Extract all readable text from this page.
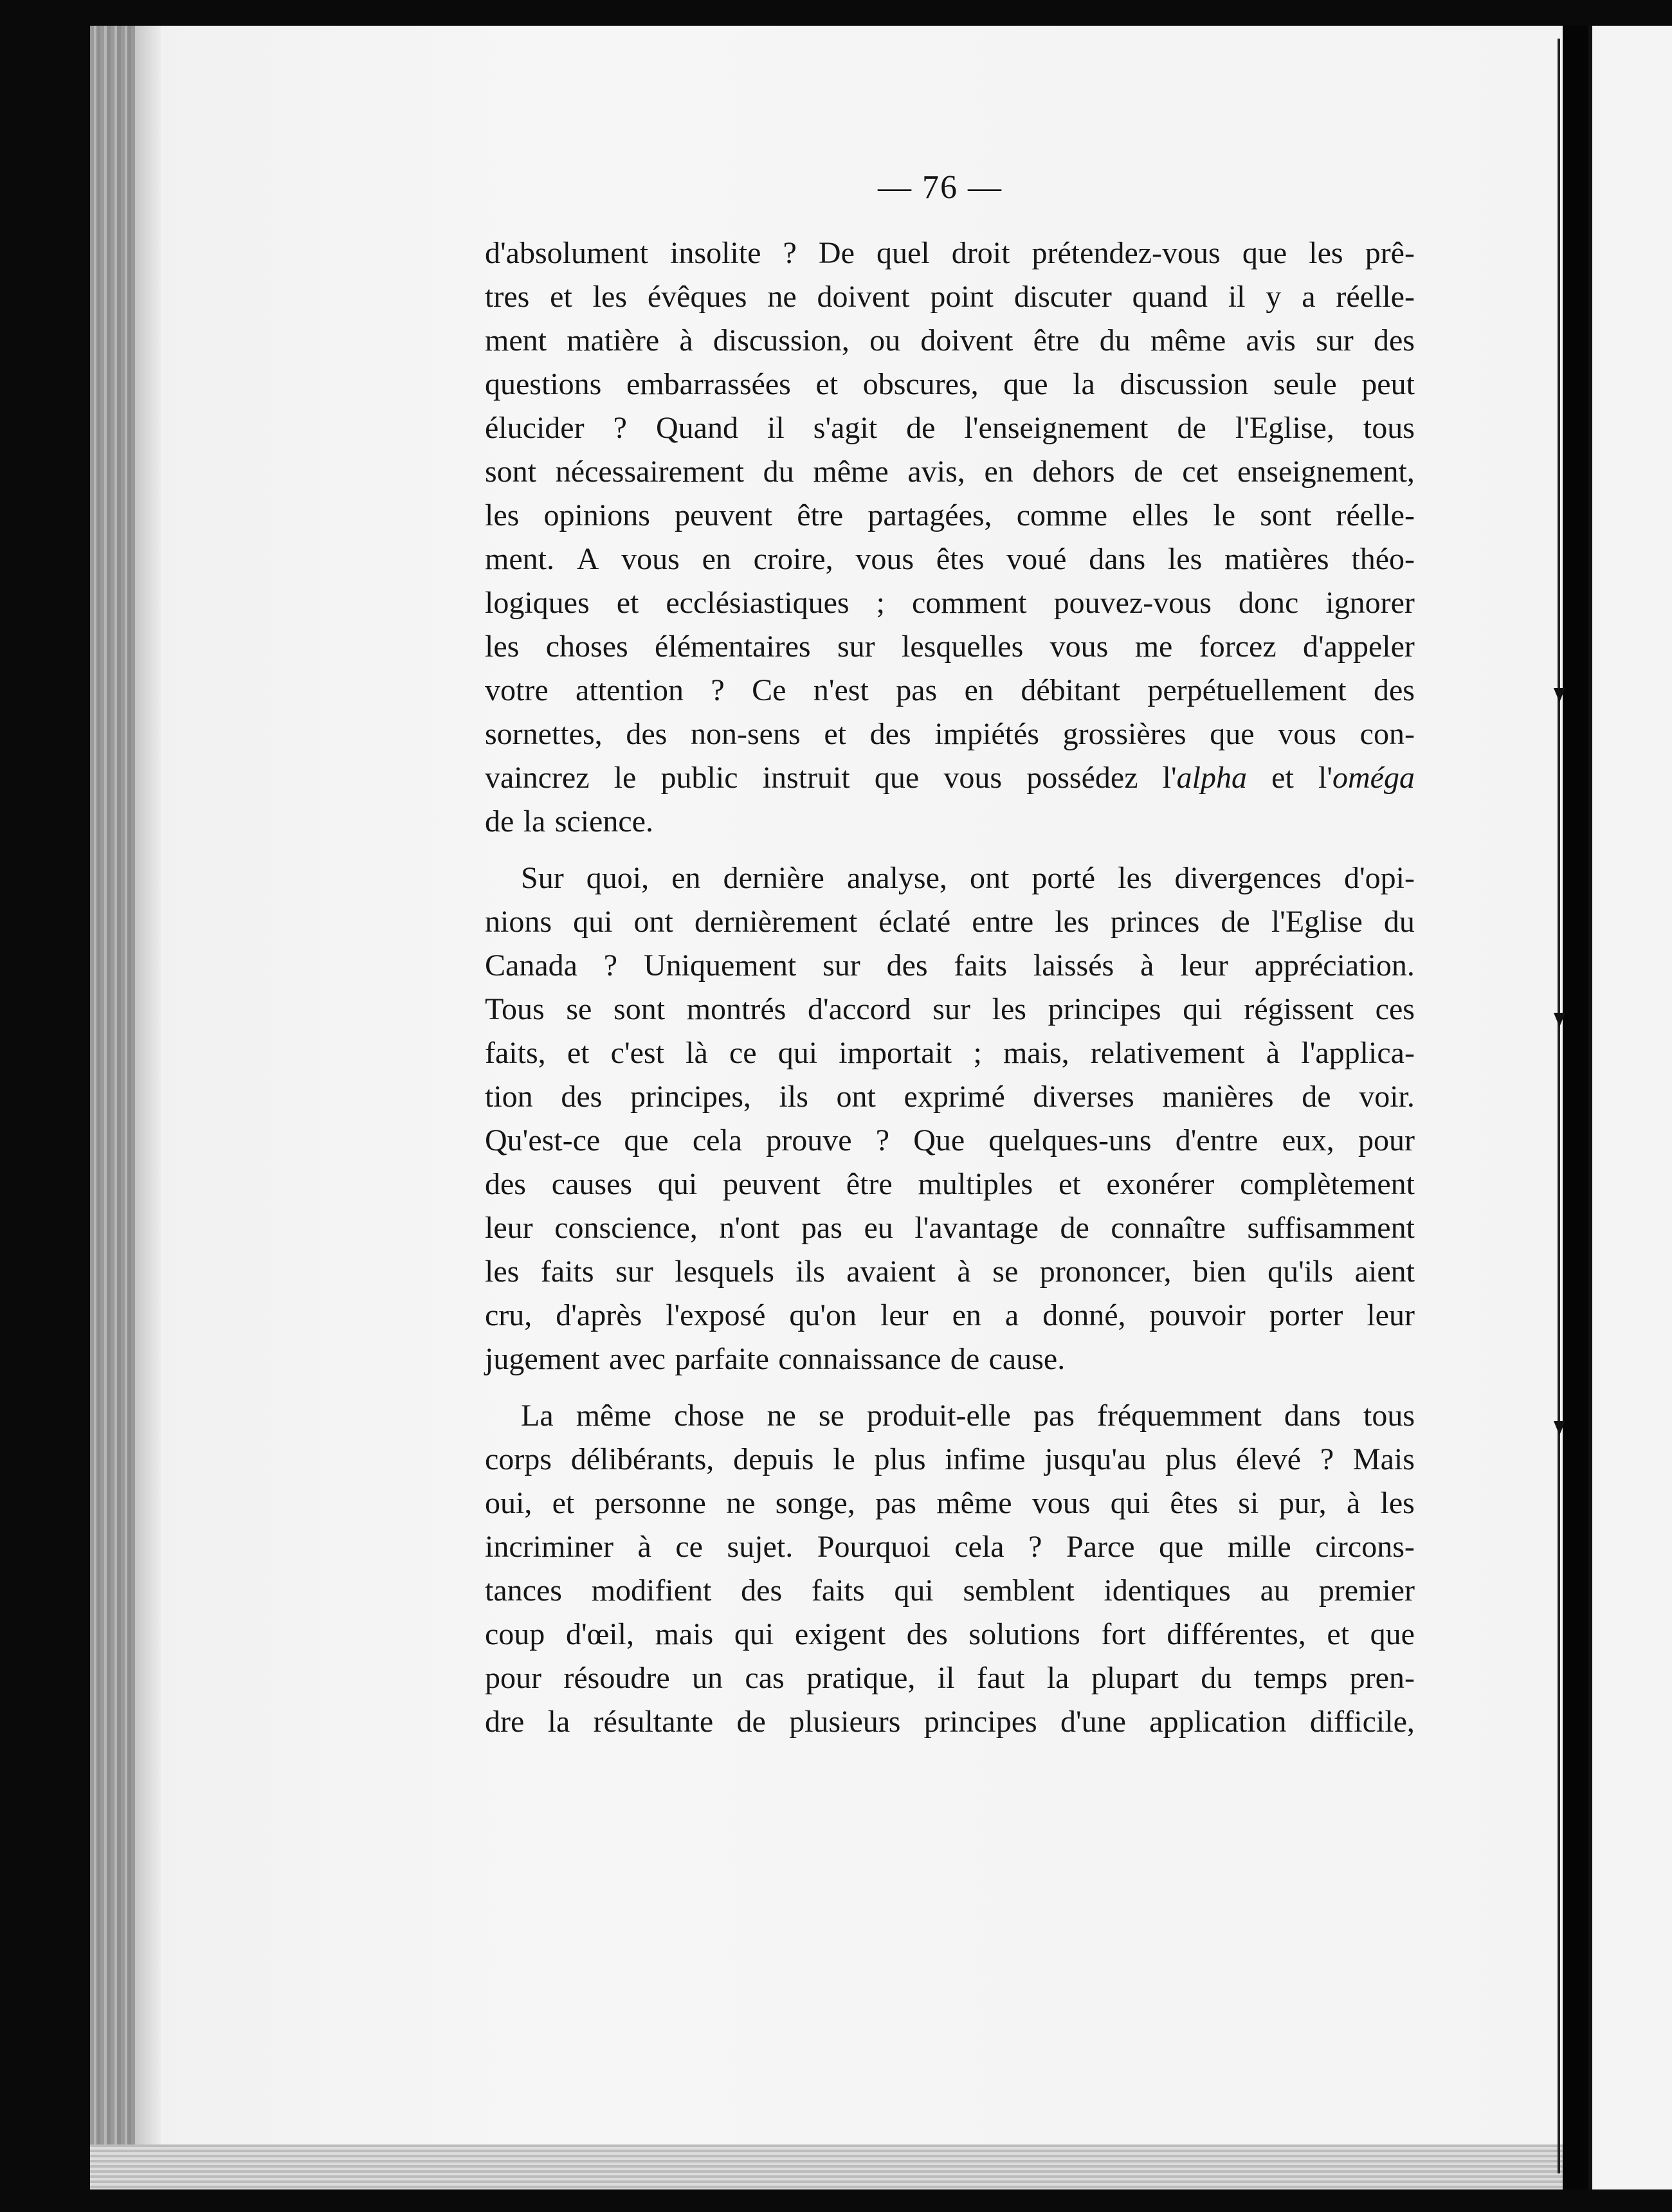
— 76 —
d'absolument insolite ? De quel droit prétendez-vous que les prê-
tres et les évêques ne doivent point discuter quand il y a réelle-
ment matière à discussion, ou doivent être du même avis sur des
questions embarrassées et obscures, que la discussion seule peut
élucider ? Quand il s'agit de l'enseignement de l'Eglise, tous
sont nécessairement du même avis, en dehors de cet enseignement,
les opinions peuvent être partagées, comme elles le sont réelle-
ment. A vous en croire, vous êtes voué dans les matières théo-
logiques et ecclésiastiques ; comment pouvez-vous donc ignorer
les choses élémentaires sur lesquelles vous me forcez d'appeler
votre attention ? Ce n'est pas en débitant perpétuellement des
sornettes, des non-sens et des impiétés grossières que vous con-
vaincrez le public instruit que vous possédez l'alpha et l'oméga
de la science.
Sur quoi, en dernière analyse, ont porté les divergences d'opi-
nions qui ont dernièrement éclaté entre les princes de l'Eglise du
Canada ? Uniquement sur des faits laissés à leur appréciation.
Tous se sont montrés d'accord sur les principes qui régissent ces
faits, et c'est là ce qui importait ; mais, relativement à l'applica-
tion des principes, ils ont exprimé diverses manières de voir.
Qu'est-ce que cela prouve ? Que quelques-uns d'entre eux, pour
des causes qui peuvent être multiples et exonérer complètement
leur conscience, n'ont pas eu l'avantage de connaître suffisamment
les faits sur lesquels ils avaient à se prononcer, bien qu'ils aient
cru, d'après l'exposé qu'on leur en a donné, pouvoir porter leur
jugement avec parfaite connaissance de cause.
La même chose ne se produit-elle pas fréquemment dans tous
corps délibérants, depuis le plus infime jusqu'au plus élevé ? Mais
oui, et personne ne songe, pas même vous qui êtes si pur, à les
incriminer à ce sujet. Pourquoi cela ? Parce que mille circons-
tances modifient des faits qui semblent identiques au premier
coup d'œil, mais qui exigent des solutions fort différentes, et que
pour résoudre un cas pratique, il faut la plupart du temps pren-
dre la résultante de plusieurs principes d'une application difficile,
